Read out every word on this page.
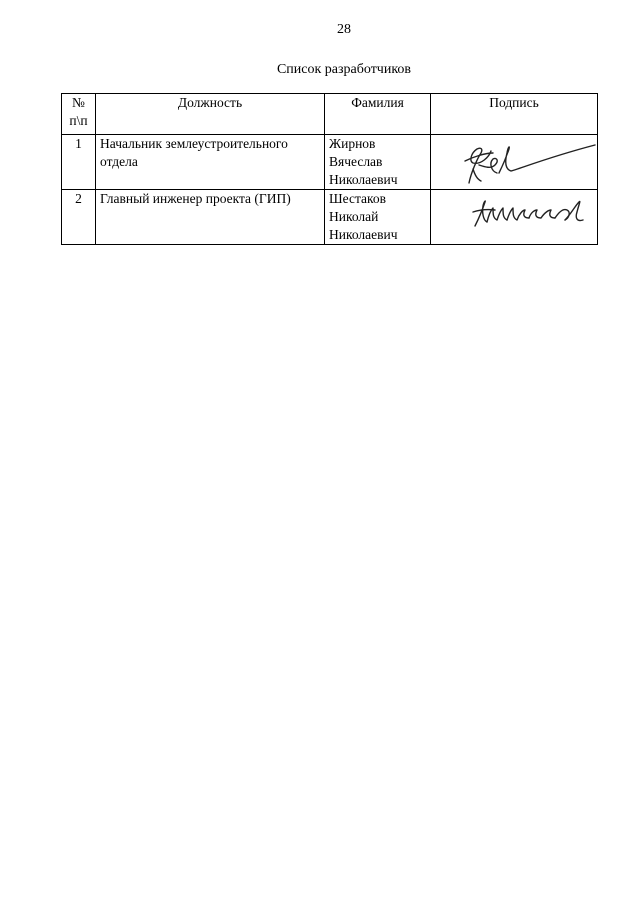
28
Список разработчиков
№ п\п	Должность	Фамилия	Подпись
1	Начальник землеустроительного отдела	Жирнов
Вячеслав
Николаевич

2	Главный инженер проекта (ГИП)	Шестаков
Николай
Николаевич
